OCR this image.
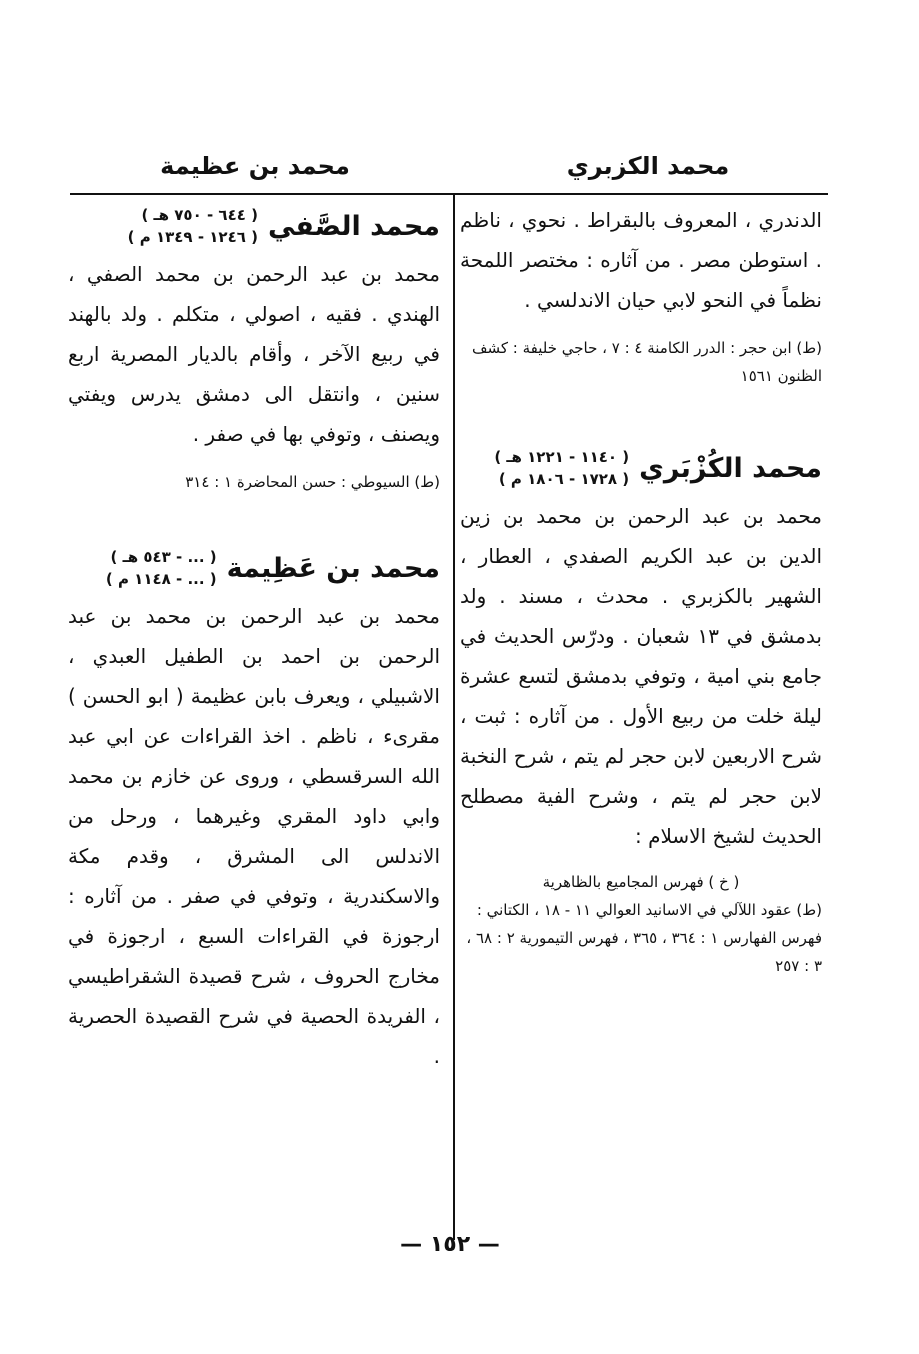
محمد الكزبري
محمد بن عظيمة

الدندري ، المعروف بالبقراط . نحوي ، ناظم . استوطن مصر . من آثاره : مختصر اللمحة نظماً في النحو لابي حيان الاندلسي .

(ط) ابن حجر : الدرر الكامنة ٤ : ٧ ، حاجي خليفة : كشف الظنون ١٥٦١

محمد الكُزْبَري
( ١١٤٠ - ١٢٢١ هـ )
( ١٧٢٨ - ١٨٠٦ م )

محمد بن عبد الرحمن بن محمد بن زين الدين بن عبد الكريم الصفدي ، العطار ، الشهير بالكزبري . محدث ، مسند . ولد بدمشق في ١٣ شعبان . ودرّس الحديث في جامع بني امية ، وتوفي بدمشق لتسع عشرة ليلة خلت من ربيع الأول . من آثاره : ثبت ، شرح الاربعين لابن حجر لم يتم ، شرح النخبة لابن حجر لم يتم ، وشرح الفية مصطلح الحديث لشيخ الاسلام :

( خ ) فهرس المجاميع بالظاهرية

(ط) عقود اللآلي في الاسانيد العوالي ١١ - ١٨ ، الكتاني : فهرس الفهارس ١ : ٣٦٤ ، ٣٦٥ ، فهرس التيمورية ٢ : ٦٨ ، ٣ : ٢٥٧

محمد الصَّفي
( ٦٤٤ - ٧٥٠ هـ )
( ١٢٤٦ - ١٣٤٩ م )

محمد بن عبد الرحمن بن محمد الصفي ، الهندي . فقيه ، اصولي ، متكلم . ولد بالهند في ربيع الآخر ، وأقام بالديار المصرية اربع سنين ، وانتقل الى دمشق يدرس ويفتي ويصنف ، وتوفي بها في صفر .

(ط) السيوطي : حسن المحاضرة ١ : ٣١٤

محمد بن عَظِيمة
( ... - ٥٤٣ هـ )
( ... - ١١٤٨ م )

محمد بن عبد الرحمن بن محمد بن عبد الرحمن بن احمد بن الطفيل العبدي ، الاشبيلي ، ويعرف بابن عظيمة ( ابو الحسن ) مقرىء ، ناظم . اخذ القراءات عن ابي عبد الله السرقسطي ، وروى عن خازم بن محمد وابي داود المقري وغيرهما ، ورحل من الاندلس الى المشرق ، وقدم مكة والاسكندرية ، وتوفي في صفر . من آثاره : ارجوزة في القراءات السبع ، ارجوزة في مخارج الحروف ، شرح قصيدة الشقراطيسي ، الفريدة الحصية في شرح القصيدة الحصرية .

— ١٥٢ —
